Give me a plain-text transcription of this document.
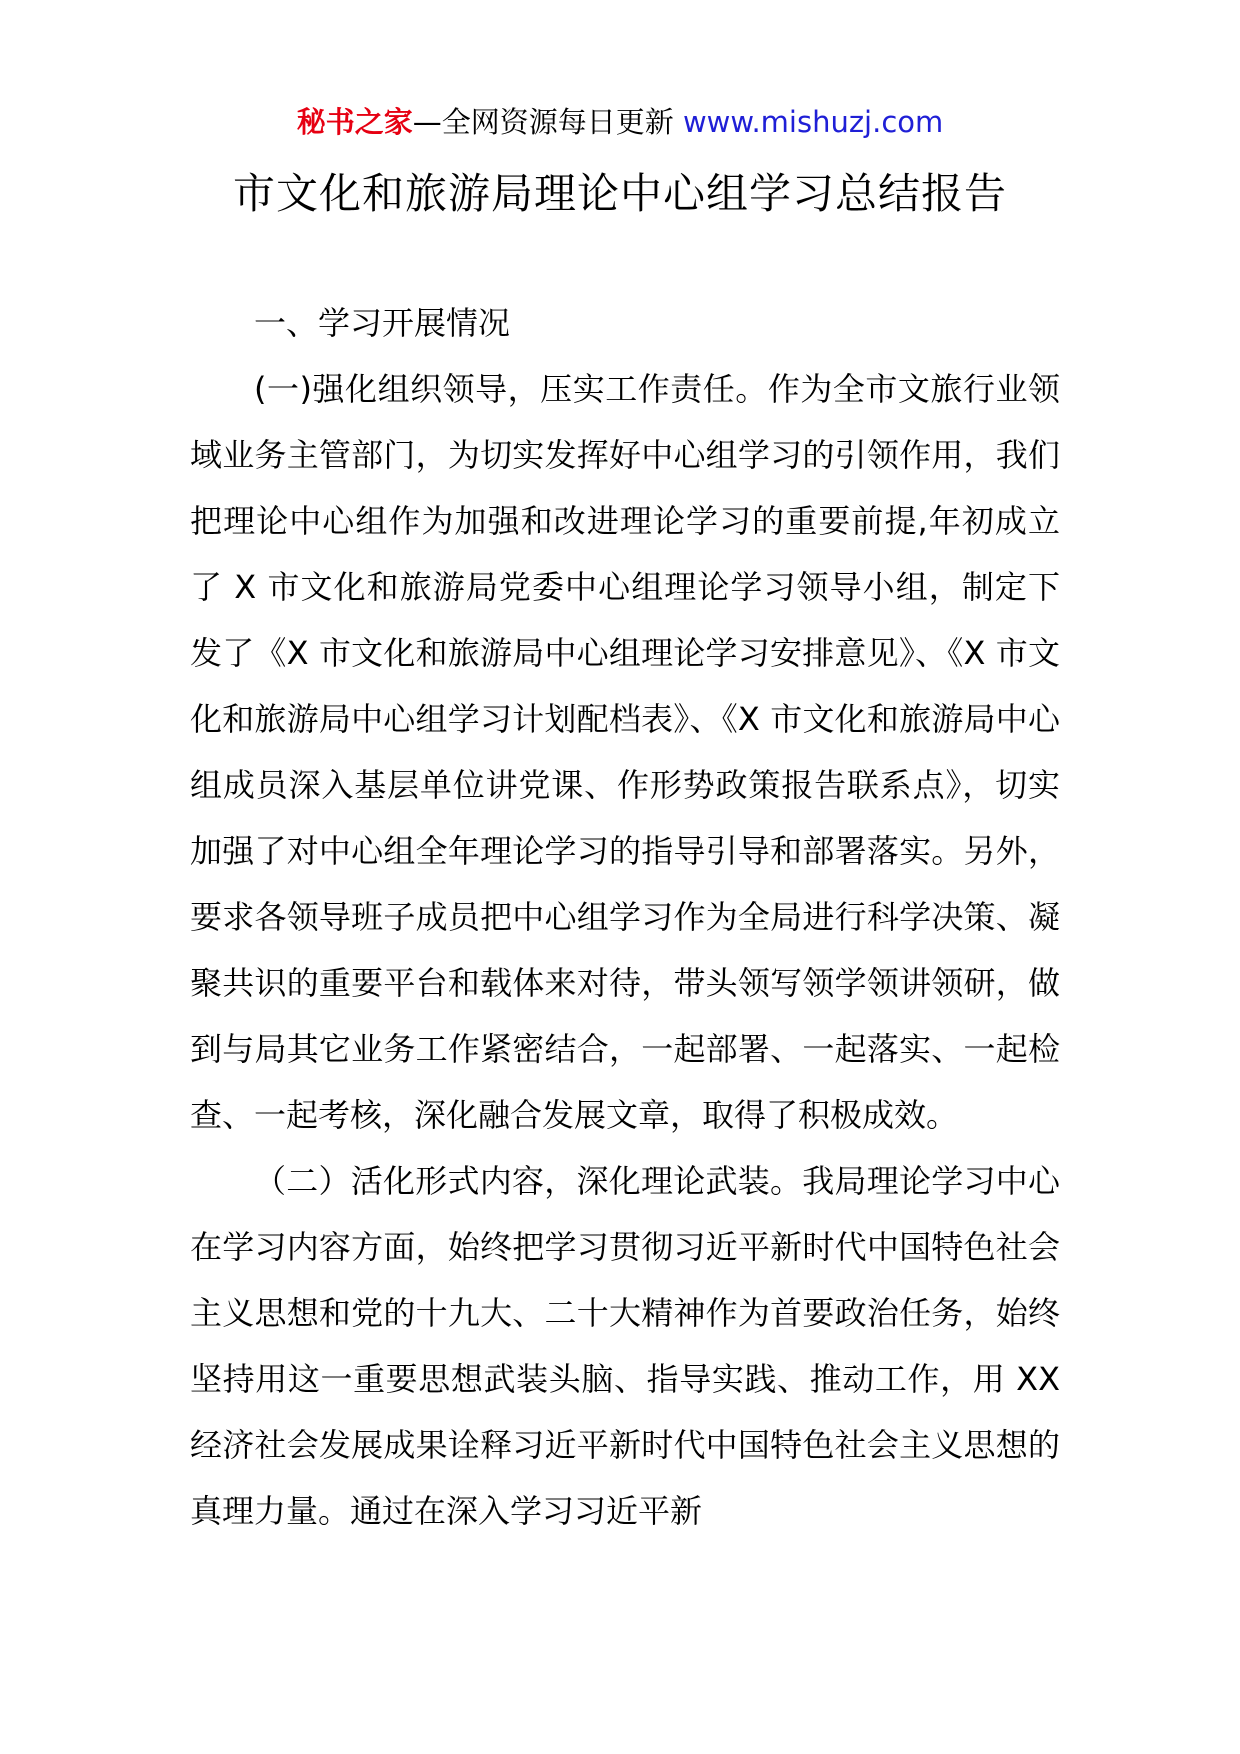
秘书之家—全网资源每日更新 www.mishuzj.com
市文化和旅游局理论中心组学习总结报告

一、学习开展情况

(一)强化组织领导，压实工作责任。作为全市文旅行业领域业务主管部门，为切实发挥好中心组学习的引领作用，我们把理论中心组作为加强和改进理论学习的重要前提,年初成立了 X 市文化和旅游局党委中心组理论学习领导小组，制定下发了《X 市文化和旅游局中心组理论学习安排意见》、《X 市文化和旅游局中心组学习计划配档表》、《X 市文化和旅游局中心组成员深入基层单位讲党课、作形势政策报告联系点》，切实加强了对中心组全年理论学习的指导引导和部署落实。另外，要求各领导班子成员把中心组学习作为全局进行科学决策、凝聚共识的重要平台和载体来对待，带头领写领学领讲领研，做到与局其它业务工作紧密结合，一起部署、一起落实、一起检查、一起考核，深化融合发展文章，取得了积极成效。

（二）活化形式内容，深化理论武装。我局理论学习中心在学习内容方面，始终把学习贯彻习近平新时代中国特色社会主义思想和党的十九大、二十大精神作为首要政治任务，始终坚持用这一重要思想武装头脑、指导实践、推动工作，用 XX 经济社会发展成果诠释习近平新时代中国特色社会主义思想的真理力量。通过在深入学习习近平新
